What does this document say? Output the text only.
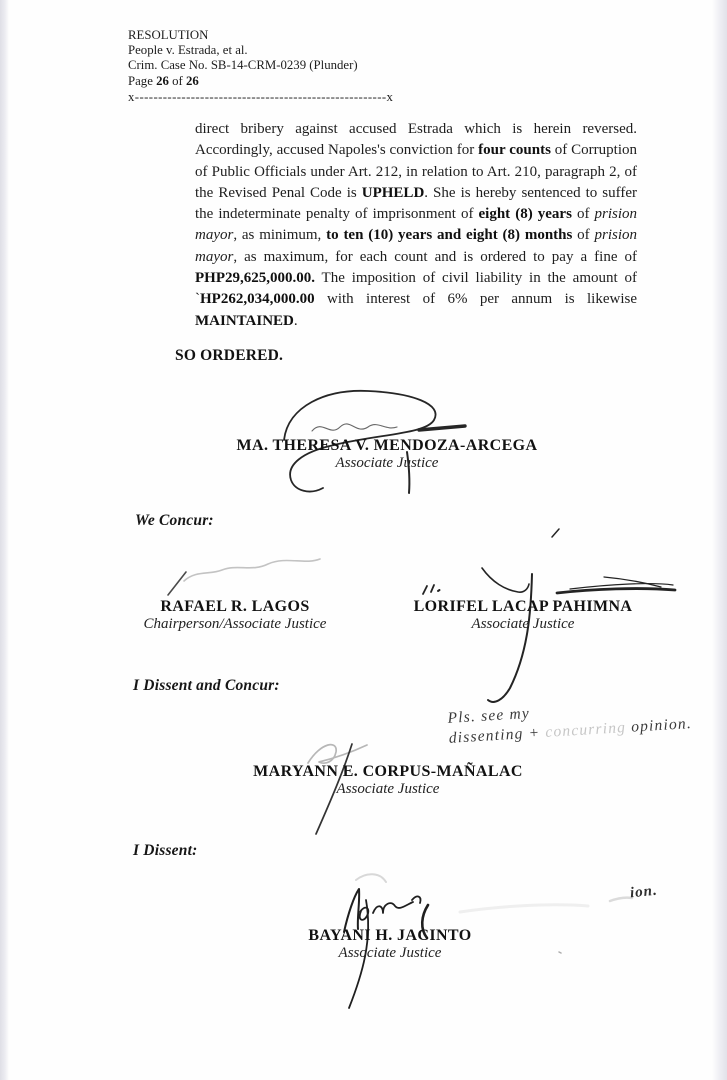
RESOLUTION
People v. Estrada, et al.
Crim. Case No. SB-14-CRM-0239 (Plunder)
Page 26 of 26
x------------------------------------------------------x

direct bribery against accused Estrada which is herein reversed. Accordingly, accused Napoles's conviction for four counts of Corruption of Public Officials under Art. 212, in relation to Art. 210, paragraph 2, of the Revised Penal Code is UPHELD. She is hereby sentenced to suffer the indeterminate penalty of imprisonment of eight (8) years of prision mayor, as minimum, to ten (10) years and eight (8) months of prision mayor, as maximum, for each count and is ordered to pay a fine of PHP29,625,000.00. The imposition of civil liability in the amount of `HP262,034,000.00 with interest of 6% per annum is likewise MAINTAINED.

SO ORDERED.
MA. THERESA V. MENDOZA-ARCEGA
Associate Justice
We Concur:
RAFAEL R. LAGOS
Chairperson/Associate Justice
LORIFEL LACAP PAHIMNA
Associate Justice
I Dissent and Concur:
Pls. see my
dissenting + concurring opinion.
MARYANN E. CORPUS-MAÑALAC
Associate Justice
I Dissent:
ion.
BAYANI H. JACINTO
Associate Justice
